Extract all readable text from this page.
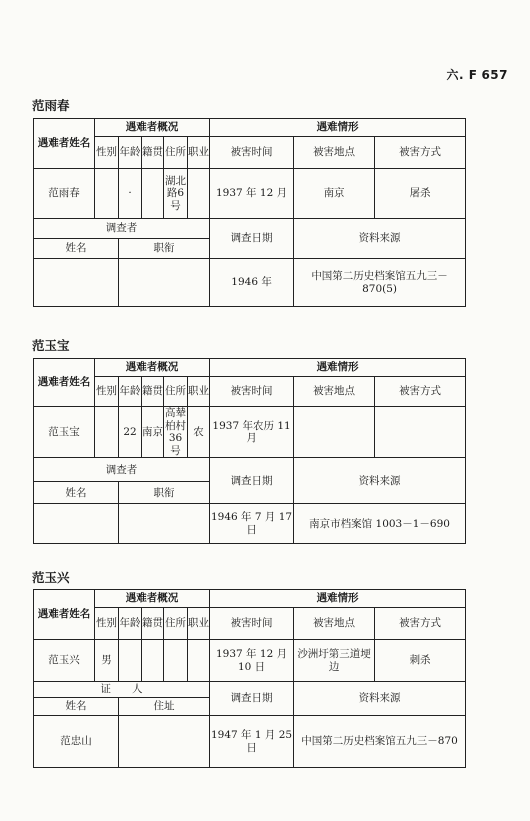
六. F 657
范雨春
遇难者姓名	遇难者概况					遇难情形		
	性别	年龄	籍贯	住所	职业	被害时间	被害地点	被害方式
范雨春		·		湖北路6号		1937 年 12 月	南京	屠杀
调查者						调查日期	资料来源	
姓名		职衔						
						1946 年	中国第二历史档案馆五九三－870(5)	
范玉宝
遇难者姓名	遇难者概况					遇难情形		
	性别	年龄	籍贯	住所	职业	被害时间	被害地点	被害方式
范玉宝		22	南京	高辇柏村36号	农	1937 年农历 11 月		
调查者						调查日期	资料来源	
姓名		职衔						
						1946 年 7 月 17 日	南京市档案馆 1003－1－690	
范玉兴
遇难者姓名	遇难者概况					遇难情形		
	性别	年龄	籍贯	住所	职业	被害时间	被害地点	被害方式
范玉兴	男					1937 年 12 月 10 日	沙洲圩第三道埂边	刺杀
证　　人						调查日期	资料来源	
姓名		住址						
范忠山						1947 年 1 月 25 日	中国第二历史档案馆五九三－870	
